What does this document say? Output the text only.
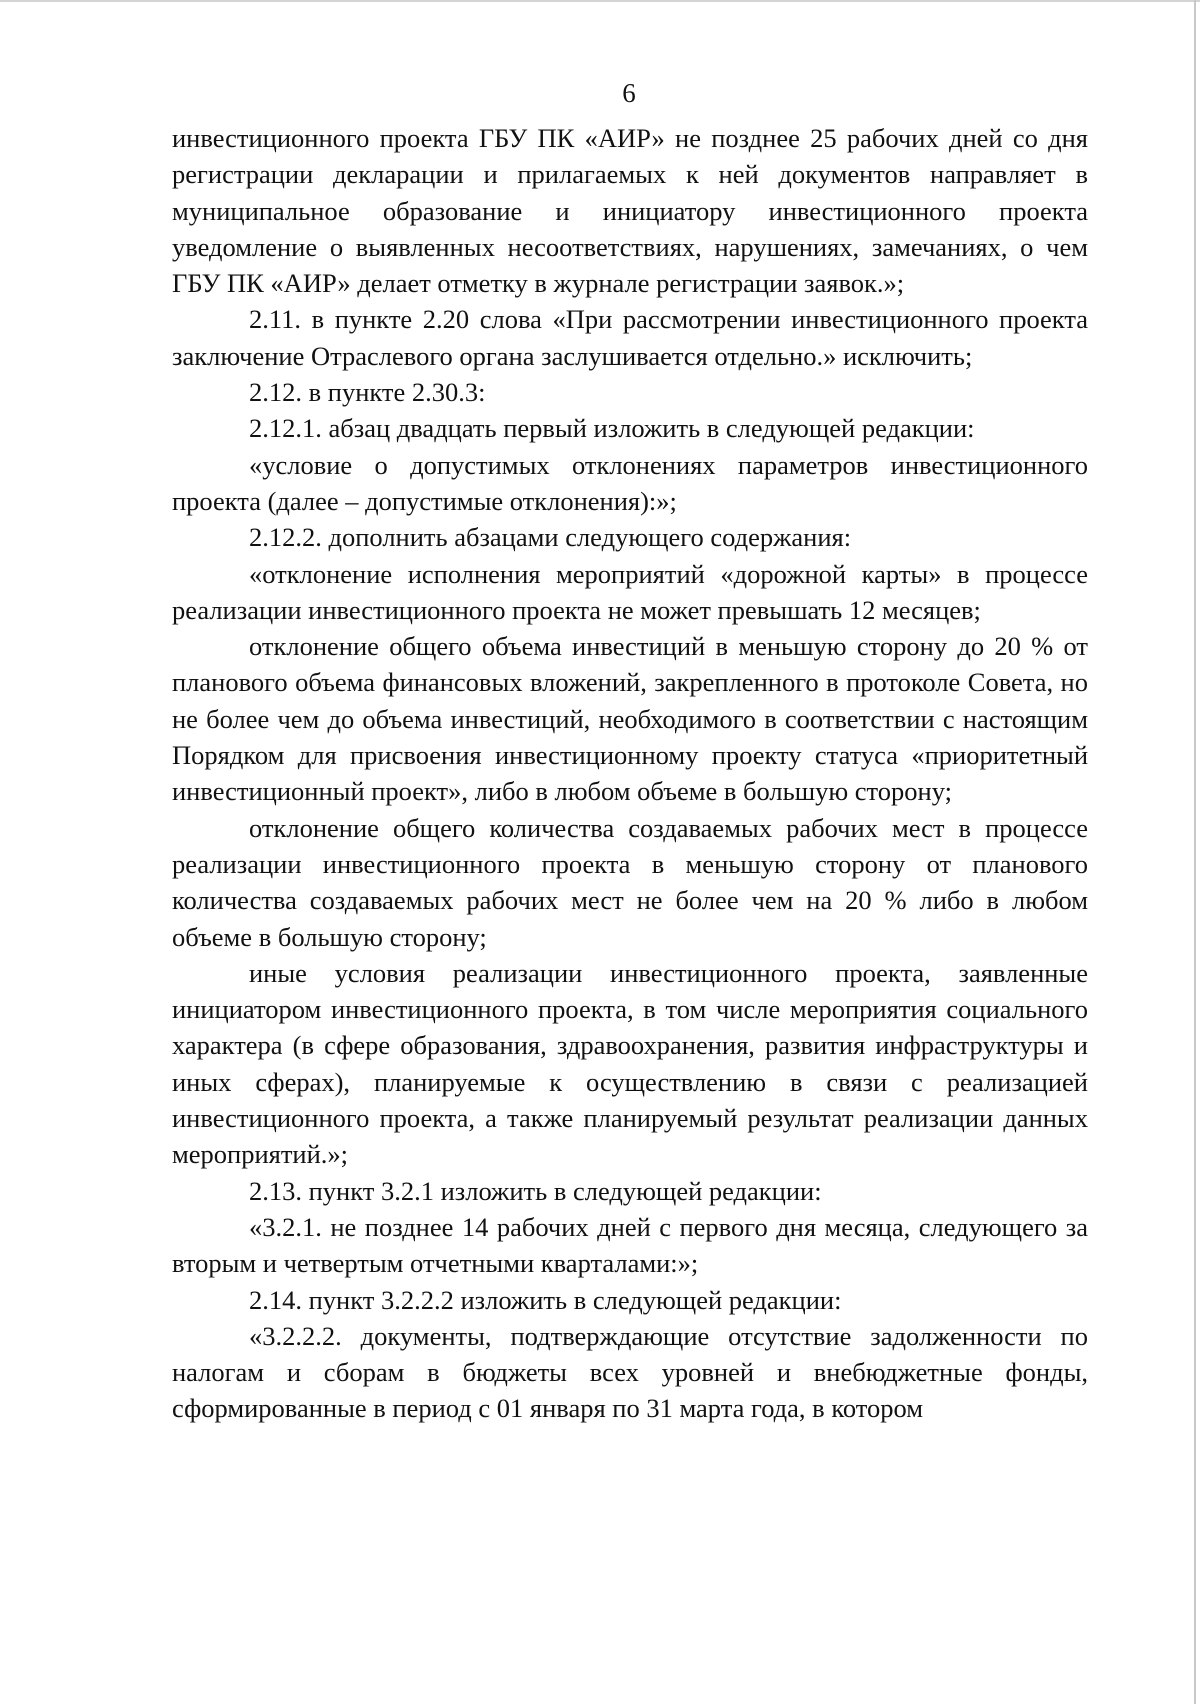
6

инвестиционного проекта ГБУ ПК «АИР» не позднее 25 рабочих дней со дня регистрации декларации и прилагаемых к ней документов направляет в муниципальное образование и инициатору инвестиционного проекта уведомление о выявленных несоответствиях, нарушениях, замечаниях, о чем ГБУ ПК «АИР» делает отметку в журнале регистрации заявок.»;

2.11. в пункте 2.20 слова «При рассмотрении инвестиционного проекта заключение Отраслевого органа заслушивается отдельно.» исключить;

2.12. в пункте 2.30.3:

2.12.1. абзац двадцать первый изложить в следующей редакции:

«условие о допустимых отклонениях параметров инвестиционного проекта (далее – допустимые отклонения):»;

2.12.2. дополнить абзацами следующего содержания:

«отклонение исполнения мероприятий «дорожной карты» в процессе реализации инвестиционного проекта не может превышать 12 месяцев;

отклонение общего объема инвестиций в меньшую сторону до 20 % от планового объема финансовых вложений, закрепленного в протоколе Совета, но не более чем до объема инвестиций, необходимого в соответствии с настоящим Порядком для присвоения инвестиционному проекту статуса «приоритетный инвестиционный проект», либо в любом объеме в большую сторону;

отклонение общего количества создаваемых рабочих мест в процессе реализации инвестиционного проекта в меньшую сторону от планового количества создаваемых рабочих мест не более чем на 20 % либо в любом объеме в большую сторону;

иные условия реализации инвестиционного проекта, заявленные инициатором инвестиционного проекта, в том числе мероприятия социального характера (в сфере образования, здравоохранения, развития инфраструктуры и иных сферах), планируемые к осуществлению в связи с реализацией инвестиционного проекта, а также планируемый результат реализации данных мероприятий.»;

2.13. пункт 3.2.1 изложить в следующей редакции:

«3.2.1. не позднее 14 рабочих дней с первого дня месяца, следующего за вторым и четвертым отчетными кварталами:»;

2.14. пункт 3.2.2.2 изложить в следующей редакции:

«3.2.2.2. документы, подтверждающие отсутствие задолженности по налогам и сборам в бюджеты всех уровней и внебюджетные фонды, сформированные в период с 01 января по 31 марта года, в котором
